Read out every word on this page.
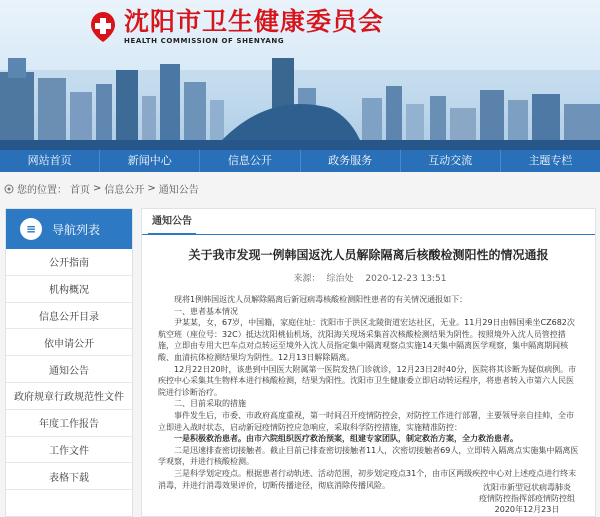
沈阳市卫生健康委员会
HEALTH COMMISSION OF SHENYANG
网站首页	新闻中心	信息公开	政务服务	互动交流	主题专栏
您的位置： 首页 > 信息公开 > 通知公告
≡	导航列表
公开指南
机构概况
信息公开目录
依申请公开
通知公告
政府规章行政规范性文件
年度工作报告
工作文件
表格下载
通知公告
关于我市发现一例韩国返沈人员解除隔离后核酸检测阳性的情况通报
来源： 综治处 2020-12-23 13:51

现将1例韩国返沈人员解除隔离后新冠病毒核酸检测阳性患者的有关情况通报如下：

一、患者基本情况

尹某某，女，67岁，中国籍，家庭住址：沈阳市于洪区北陵街道宏达社区，无业。11月29日由韩国乘坐CZ682次航空班（座位号：32C）抵达沈阳桃仙机场，沈阳海关现场采集首次核酸检测结果为阴性。按照境外入沈人员管控措施，立即由专用大巴车点对点转运至境外入沈人员指定集中隔离观察点实施14天集中隔离医学观察，集中隔离期间核酸、血清抗体检测结果均为阴性。12月13日解除隔离。

12月22日20时，该患到中国医大附属第一医院发热门诊就诊，12月23日2时40分，医院将其诊断为疑似病例。市疾控中心采集其生物样本进行核酸检测，结果为阳性。沈阳市卫生健康委立即启动转运程序，将患者转入市第六人民医院进行诊断治疗。

二、目前采取的措施

事件发生后，市委、市政府高度重视，第一时间召开疫情防控会，对防控工作进行部署，主要领导亲自挂帅，全市立即进入战时状态，启动新冠疫情防控应急响应，采取科学防控措施，实施精准防控：

一是积极救治患者。由市六院组织医疗救治预案，组建专家团队，制定救治方案，全力救治患者。

二是迅速排查密切接触者。截止目前已排查密切接触者11人，次密切接触者69人，立即转入隔离点实施集中隔离医学观察，并进行核酸检测。

三是科学划定疫点。根据患者行动轨迹、活动范围，初步划定疫点31个，由市区两级疾控中心对上述疫点进行终末消毒，并进行消毒效果评价，切断传播途径，彻底消除传播风险。	沈阳市新型冠状病毒肺炎
疫情防控指挥部疫情防控组
2020年12月23日
